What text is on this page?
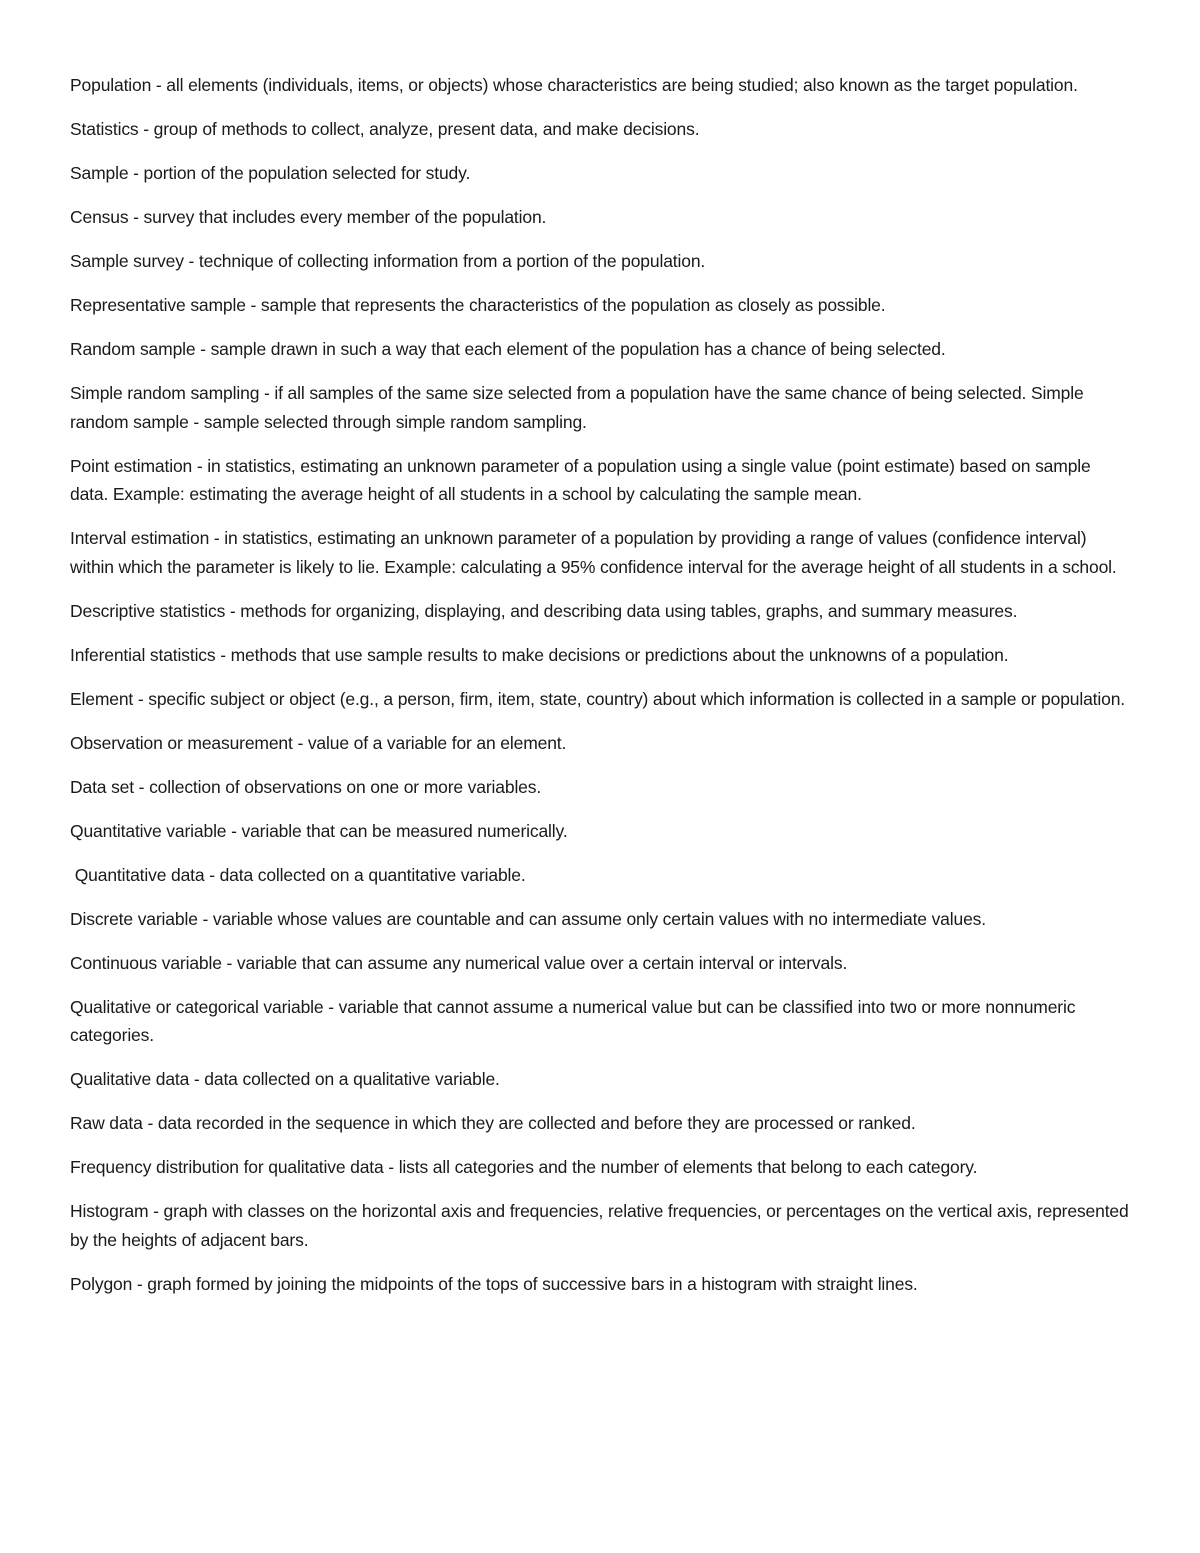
Population - all elements (individuals, items, or objects) whose characteristics are being studied; also known as the target population.

Statistics - group of methods to collect, analyze, present data, and make decisions.

Sample - portion of the population selected for study.

Census - survey that includes every member of the population.

Sample survey - technique of collecting information from a portion of the population.

Representative sample - sample that represents the characteristics of the population as closely as possible.

Random sample - sample drawn in such a way that each element of the population has a chance of being selected.

Simple random sampling - if all samples of the same size selected from a population have the same chance of being selected. Simple random sample - sample selected through simple random sampling.

Point estimation - in statistics, estimating an unknown parameter of a population using a single value (point estimate) based on sample data. Example: estimating the average height of all students in a school by calculating the sample mean.

Interval estimation - in statistics, estimating an unknown parameter of a population by providing a range of values (confidence interval) within which the parameter is likely to lie. Example: calculating a 95% confidence interval for the average height of all students in a school.

Descriptive statistics - methods for organizing, displaying, and describing data using tables, graphs, and summary measures.

Inferential statistics - methods that use sample results to make decisions or predictions about the unknowns of a population.

Element - specific subject or object (e.g., a person, firm, item, state, country) about which information is collected in a sample or population.

Observation or measurement - value of a variable for an element.

Data set - collection of observations on one or more variables.

Quantitative variable - variable that can be measured numerically.

Quantitative data - data collected on a quantitative variable.

Discrete variable - variable whose values are countable and can assume only certain values with no intermediate values.

Continuous variable - variable that can assume any numerical value over a certain interval or intervals.

Qualitative or categorical variable - variable that cannot assume a numerical value but can be classified into two or more nonnumeric categories.

Qualitative data - data collected on a qualitative variable.

Raw data - data recorded in the sequence in which they are collected and before they are processed or ranked.

Frequency distribution for qualitative data - lists all categories and the number of elements that belong to each category.

Histogram - graph with classes on the horizontal axis and frequencies, relative frequencies, or percentages on the vertical axis, represented by the heights of adjacent bars.

Polygon - graph formed by joining the midpoints of the tops of successive bars in a histogram with straight lines.
